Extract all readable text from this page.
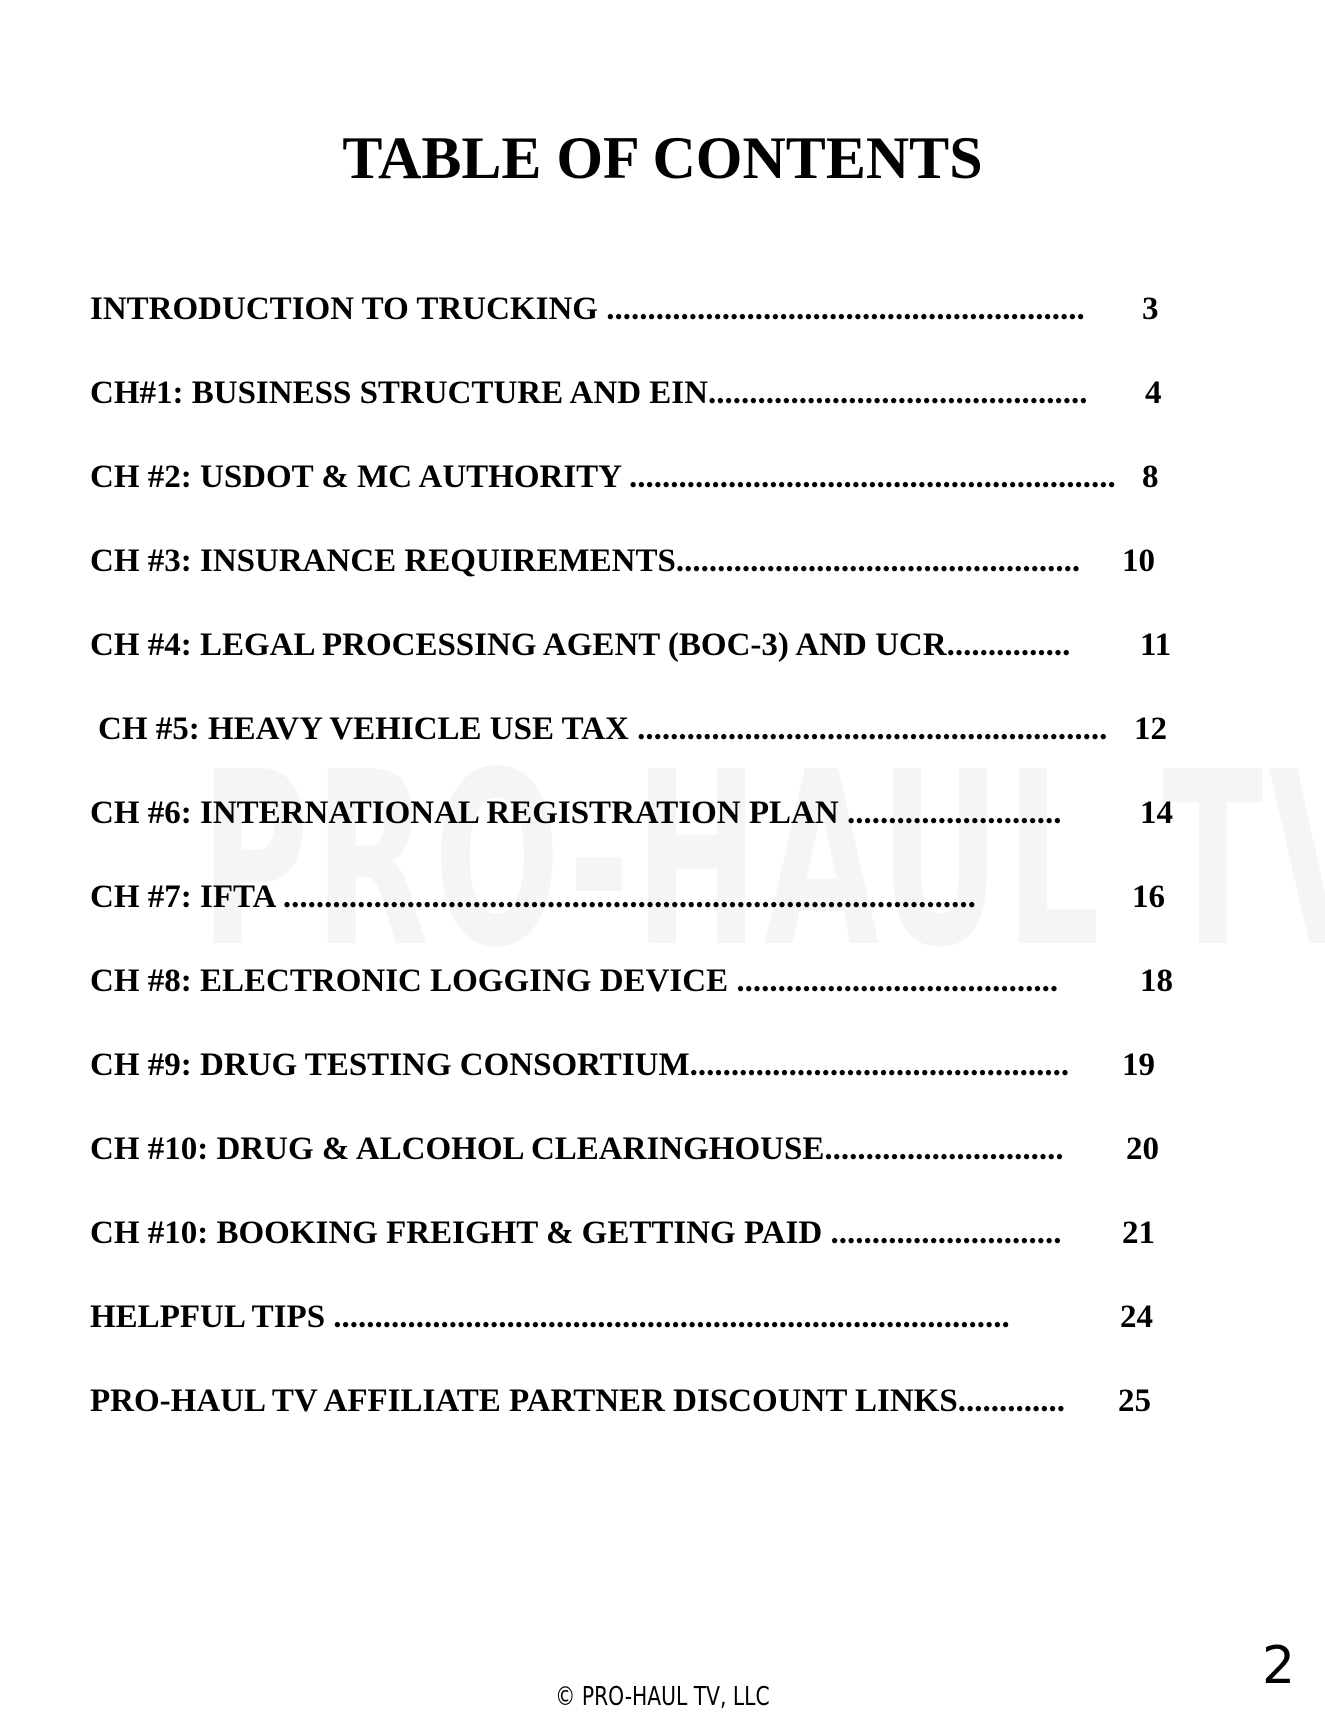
TABLE OF CONTENTS
INTRODUCTION TO TRUCKING .......................................................... 3
CH#1: BUSINESS STRUCTURE AND EIN.............................................. 4
CH #2: USDOT & MC AUTHORITY ........................................................... 8
CH #3: INSURANCE REQUIREMENTS................................................. 10
CH #4: LEGAL PROCESSING AGENT (BOC-3) AND UCR............... 11
CH #5: HEAVY VEHICLE USE TAX ......................................................... 12
CH #6: INTERNATIONAL REGISTRATION PLAN .......................... 14
CH #7: IFTA ....................................................................................	16
CH #8: ELECTRONIC LOGGING DEVICE ....................................... 18
CH #9: DRUG TESTING CONSORTIUM.............................................. 19
CH #10: DRUG & ALCOHOL CLEARINGHOUSE............................. 20
CH #10: BOOKING FREIGHT & GETTING PAID ............................ 21
HELPFUL TIPS ..................................................................................	24
PRO-HAUL TV AFFILIATE PARTNER DISCOUNT LINKS............. 25
© PRO-HAUL TV, LLC
2
